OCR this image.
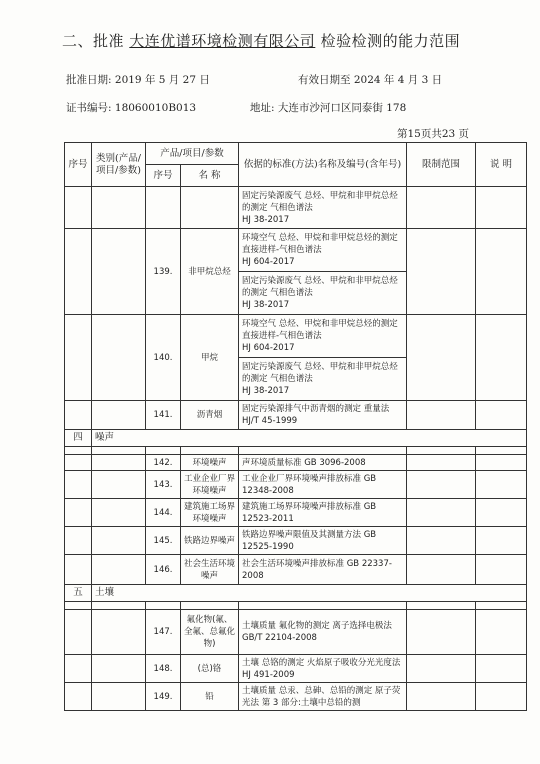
二、批准 大连优谱环境检测有限公司 检验检测的能力范围
批准日期: 2019 年 5 月 27 日	有效日期至 2024 年 4 月 3 日
证书编号: 18060010B013	地址: 大连市沙河口区同泰街 178
第15页共23 页
序号	类别(产品/项目/参数)	产品/项目/参数		依据的标准(方法)名称及编号(含年号)	限制范围	说 明
		序号	名 称			
				固定污染源废气 总烃、甲烷和非甲烷总烃的测定 气相色谱法
HJ 38-2017		
		139.	非甲烷总烃	环境空气 总烃、甲烷和非甲烷总烃的测定 直接进样-气相色谱法
HJ 604-2017		
				固定污染源废气 总烃、甲烷和非甲烷总烃的测定 气相色谱法
HJ 38-2017		
		140.	甲烷	环境空气 总烃、甲烷和非甲烷总烃的测定 直接进样-气相色谱法
HJ 604-2017		
				固定污染源废气 总烃、甲烷和非甲烷总烃的测定 气相色谱法
HJ 38-2017		
		141.	沥青烟	固定污染源排气中沥青烟的测定 重量法 HJ/T 45-1999		
四	噪声					

		142.	环境噪声	声环境质量标准 GB 3096-2008		
		143.	工业企业厂界环境噪声	工业企业厂界环境噪声排放标准 GB 12348-2008		
		144.	建筑施工场界环境噪声	建筑施工场界环境噪声排放标准 GB 12523-2011		
		145.	铁路边界噪声	铁路边界噪声限值及其测量方法 GB 12525-1990		
		146.	社会生活环境噪声	社会生活环境噪声排放标准 GB 22337-2008		
五	土壤					

		147.	氟化物(氟、全氟、总氟化物)	土壤质量 氟化物的测定 离子选择电极法 GB/T 22104-2008		
		148.	(总)铬	土壤 总铬的测定 火焰原子吸收分光光度法 HJ 491-2009		
		149.	铅	土壤质量 总汞、总砷、总铅的测定 原子荧光法 第 3 部分:土壤中总铅的测		
